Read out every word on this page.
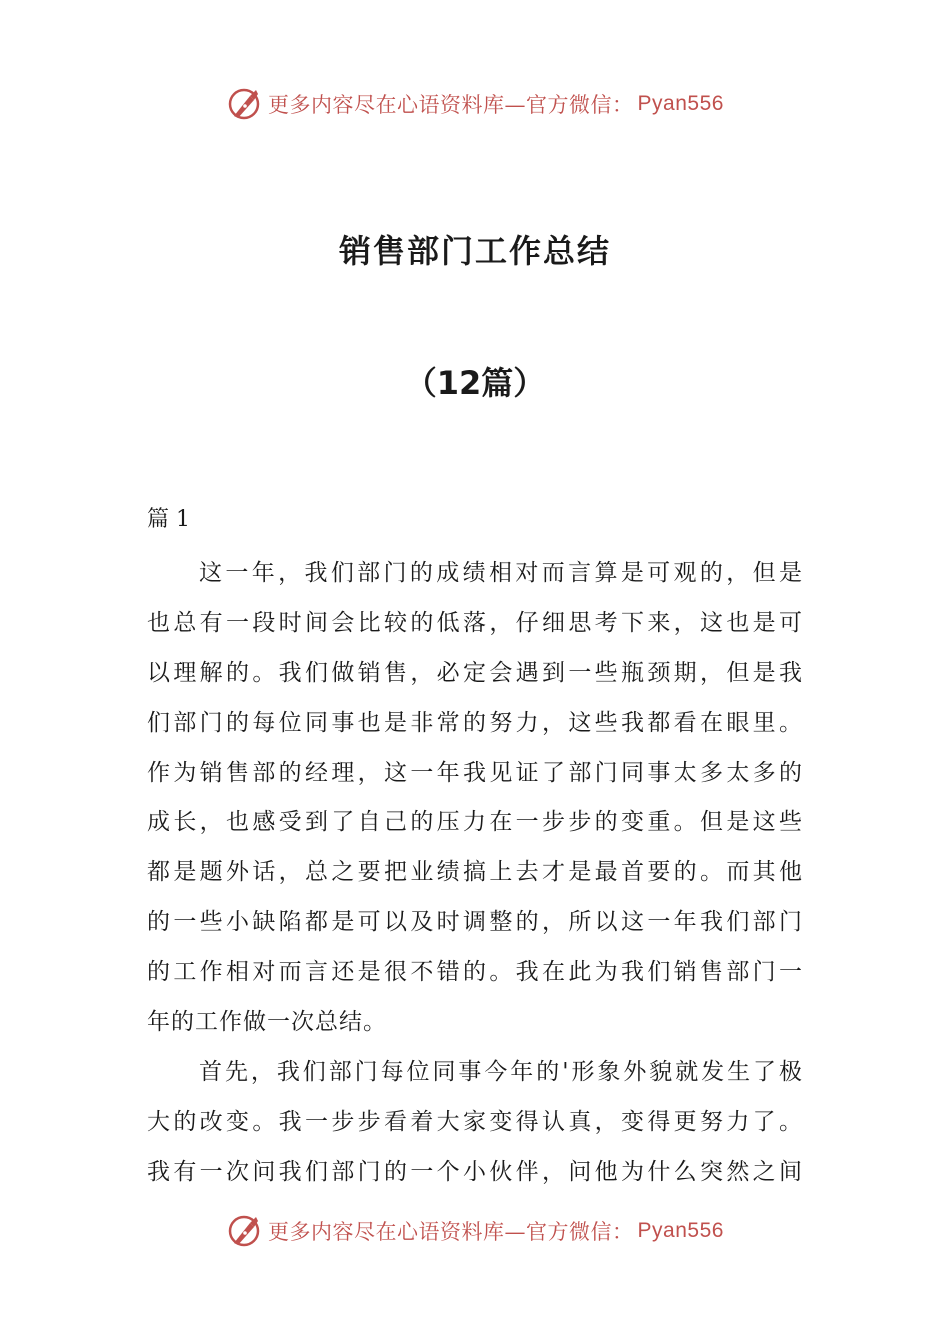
更多内容尽在心语资料库—官方微信： Pyan556
销售部门工作总结
（12篇）
篇 1
这一年，我们部门的成绩相对而言算是可观的，但是
也总有一段时间会比较的低落，仔细思考下来，这也是可
以理解的。我们做销售，必定会遇到一些瓶颈期，但是我
们部门的每位同事也是非常的努力，这些我都看在眼里。
作为销售部的经理，这一年我见证了部门同事太多太多的
成长，也感受到了自己的压力在一步步的变重。但是这些
都是题外话，总之要把业绩搞上去才是最首要的。而其他
的一些小缺陷都是可以及时调整的，所以这一年我们部门
的工作相对而言还是很不错的。我在此为我们销售部门一
年的工作做一次总结。
首先，我们部门每位同事今年的'形象外貌就发生了极
大的改变。我一步步看着大家变得认真，变得更努力了。
我有一次问我们部门的一个小伙伴，问他为什么突然之间
更多内容尽在心语资料库—官方微信： Pyan556
